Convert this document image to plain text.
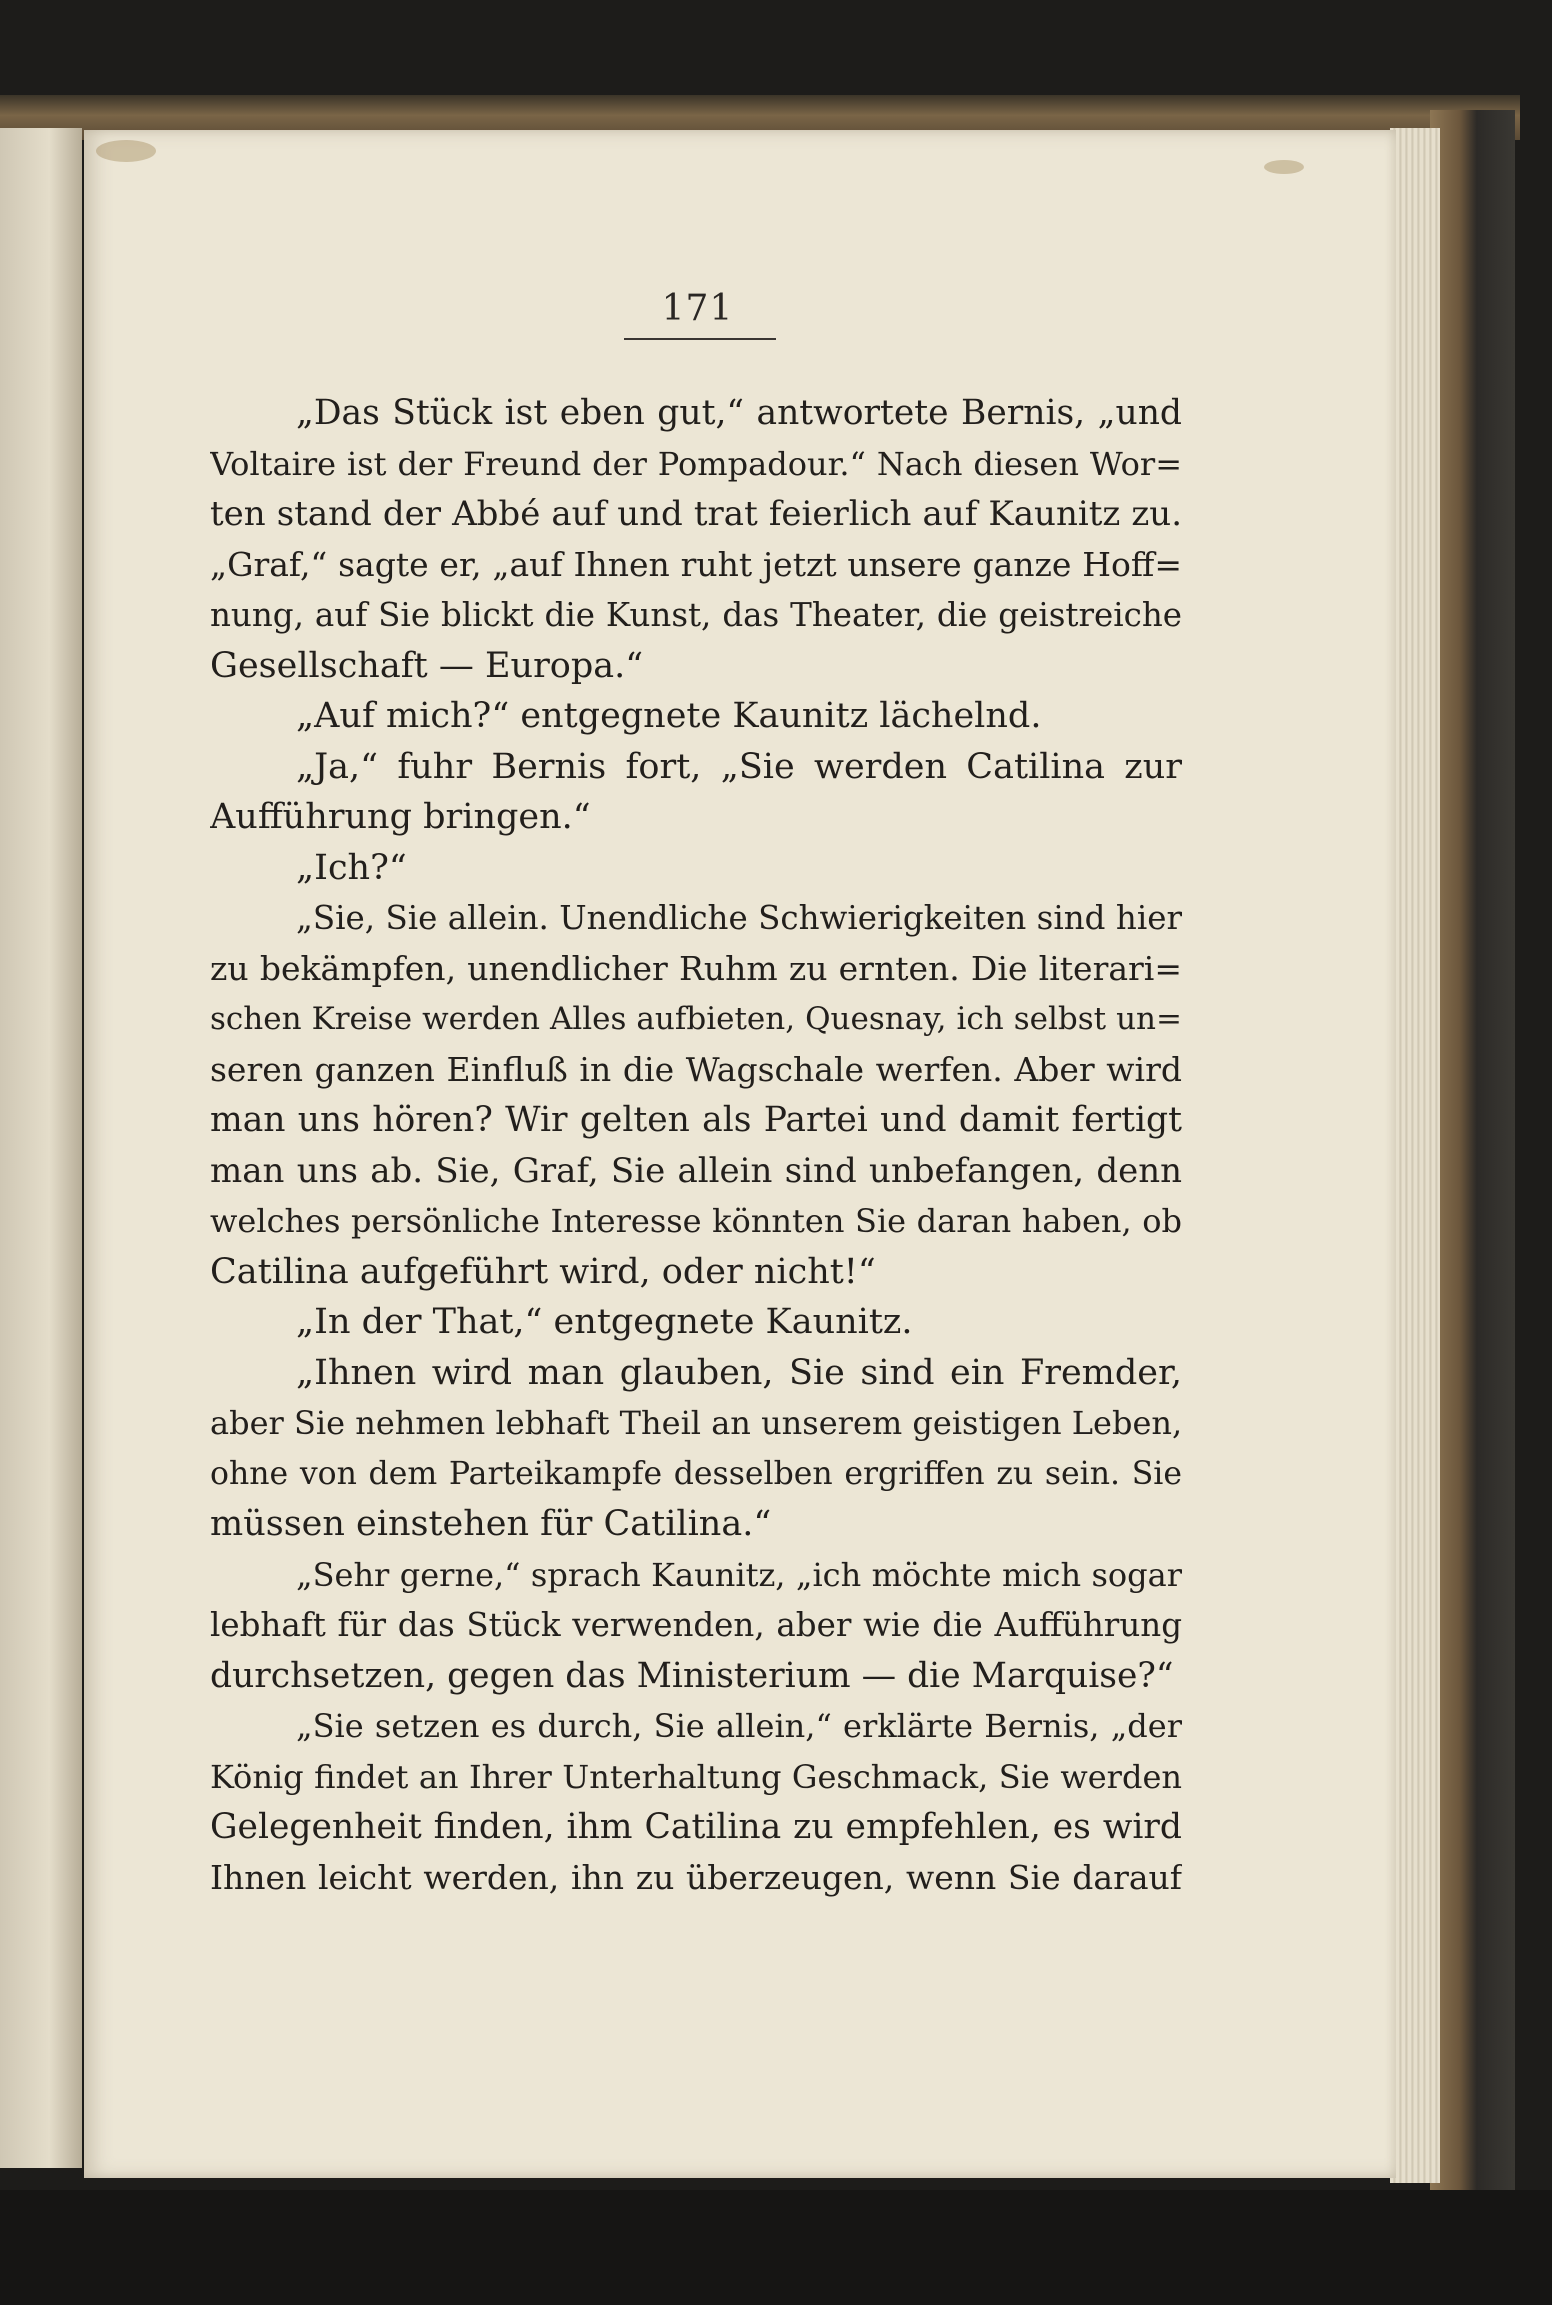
171
„Das Stück ist eben gut,“ antwortete Bernis, „und
Voltaire ist der Freund der Pompadour.“ Nach diesen Wor=
ten stand der Abbé auf und trat feierlich auf Kaunitz zu.
„Graf,“ sagte er, „auf Ihnen ruht jetzt unsere ganze Hoff=
nung, auf Sie blickt die Kunst, das Theater, die geistreiche
Gesellschaft — Europa.“
„Auf mich?“ entgegnete Kaunitz lächelnd.
„Ja,“ fuhr Bernis fort, „Sie werden Catilina zur
Aufführung bringen.“
„Ich?“
„Sie, Sie allein. Unendliche Schwierigkeiten sind hier
zu bekämpfen, unendlicher Ruhm zu ernten. Die literari=
schen Kreise werden Alles aufbieten, Quesnay, ich selbst un=
seren ganzen Einfluß in die Wagschale werfen. Aber wird
man uns hören? Wir gelten als Partei und damit fertigt
man uns ab. Sie, Graf, Sie allein sind unbefangen, denn
welches persönliche Interesse könnten Sie daran haben, ob
Catilina aufgeführt wird, oder nicht!“
„In der That,“ entgegnete Kaunitz.
„Ihnen wird man glauben, Sie sind ein Fremder,
aber Sie nehmen lebhaft Theil an unserem geistigen Leben,
ohne von dem Parteikampfe desselben ergriffen zu sein. Sie
müssen einstehen für Catilina.“
„Sehr gerne,“ sprach Kaunitz, „ich möchte mich sogar
lebhaft für das Stück verwenden, aber wie die Aufführung
durchsetzen, gegen das Ministerium — die Marquise?“
„Sie setzen es durch, Sie allein,“ erklärte Bernis, „der
König findet an Ihrer Unterhaltung Geschmack, Sie werden
Gelegenheit finden, ihm Catilina zu empfehlen, es wird
Ihnen leicht werden, ihn zu überzeugen, wenn Sie darauf
